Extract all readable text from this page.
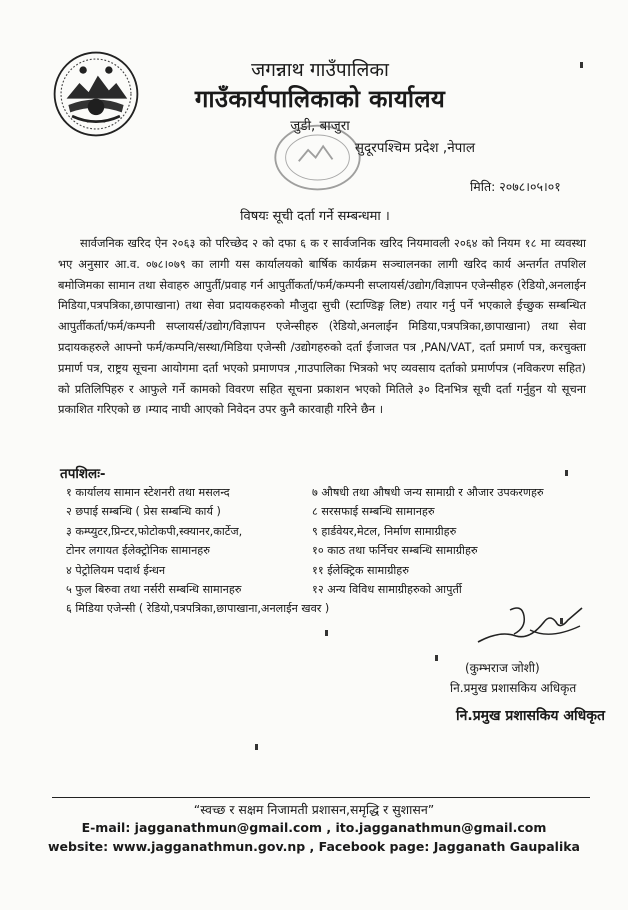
जगन्नाथ गाउँपालिका
गाउँकार्यपालिकाको कार्यालय
जुडी, बाजुरा
सुदूरपश्चिम प्रदेश ,नेपाल
मिति: २०७८।०५।०१
विषयः सूची दर्ता गर्ने सम्बन्धमा ।
सार्वजनिक खरिद ऐन २०६३ को परिच्छेद २ को दफा ६ क र सार्वजनिक खरिद नियमावली २०६४ को नियम १८ मा व्यवस्था भए अनुसार आ.व. ०७८।०७९ का लागी यस कार्यालयको बार्षिक कार्यक्रम सञ्चालनका लागी खरिद कार्य अन्तर्गत तपशिल बमोजिमका सामान तथा सेवाहरु आपुर्ती/प्रवाह गर्न आपुर्तीकर्ता/फर्म/कम्पनी सप्लायर्स/उद्योग/विज्ञापन एजेन्सीहरु (रेडियो,अनलाईन मिडिया,पत्रपत्रिका,छापाखाना) तथा सेवा प्रदायकहरुको मौजुदा सुची (स्टाण्डिङ्ग लिष्ट) तयार गर्नु पर्ने भएकाले ईच्छुक सम्बन्धित आपुर्तीकर्ता/फर्म/कम्पनी सप्लायर्स/उद्योग/विज्ञापन एजेन्सीहरु (रेडियो,अनलाईन मिडिया,पत्रपत्रिका,छापाखाना) तथा सेवा प्रदायकहरुले आफ्नो फर्म/कम्पनि/सस्था/मिडिया एजेन्सी /उद्योगहरुको दर्ता ईजाजत पत्र ,PAN/VAT, दर्ता प्रमार्ण पत्र, करचुक्ता प्रमार्ण पत्र, राष्ट्रय सूचना आयोगमा दर्ता भएको प्रमाणपत्र ,गाउपालिका भित्रको भए व्यवसाय दर्ताको प्रमार्णपत्र (नविकरण सहित) को प्रतिलिपिहरु र आफुले गर्ने कामको विवरण सहित सूचना प्रकाशन भएको मितिले ३० दिनभित्र सूची दर्ता गर्नुहुन यो सूचना प्रकाशित गरिएको छ ।म्याद नाघी आएको निवेदन उपर कुनै कारवाही गरिने छैन ।
तपशिलः-
१ कार्यालय सामान स्टेशनरी तथा मसलन्द
२ छपाई सम्बन्धि ( प्रेस सम्बन्धि कार्य )
३ कम्प्युटर,प्रिन्टर,फोटोकपी,स्क्यानर,कार्टेज,
टोनर लगायत ईलेक्ट्रोनिक सामानहरु
४ पेट्रोलियम पदार्थ ईन्धन
५ फुल बिरुवा तथा नर्सरी सम्बन्धि सामानहरु
६ मिडिया एजेन्सी ( रेडियो,पत्रपत्रिका,छापाखाना,अनलाईन खवर )
७ औषधी तथा औषधी जन्य सामाग्री र औजार उपकरणहरु
८ सरसफाई सम्बन्धि सामानहरु
९ हार्डवेयर,मेटल, निर्माण सामाग्रीहरु
१० काठ तथा फर्निचर सम्बन्धि सामाग्रीहरु
११ ईलेक्ट्रिक सामाग्रीहरु
१२ अन्य विविध सामाग्रीहरुको आपुर्ती
(कुम्भराज जोशी)
नि.प्रमुख प्रशासकिय अधिकृत
नि.प्रमुख प्रशासकिय अधिकृत
“स्वच्छ र सक्षम निजामती प्रशासन,समृद्धि र सुशासन”
E-mail: jagganathmun@gmail.com , ito.jagganathmun@gmail.com
website: www.jagganathmun.gov.np , Facebook page: Jagganath Gaupalika
